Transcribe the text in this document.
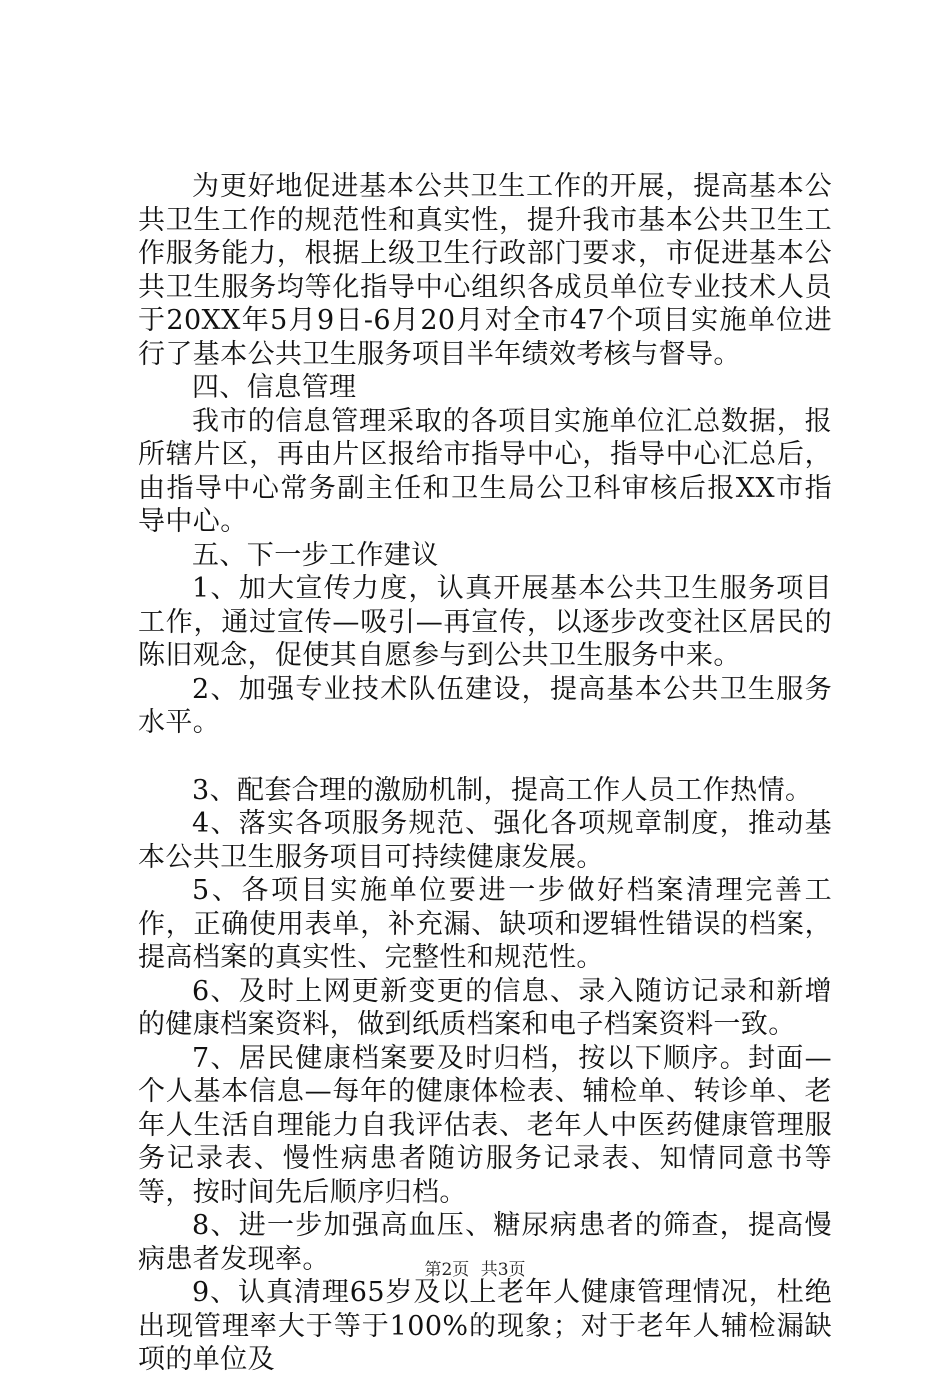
为更好地促进基本公共卫生工作的开展，提高基本公共卫生工作的规范性和真实性，提升我市基本公共卫生工作服务能力，根据上级卫生行政部门要求，市促进基本公共卫生服务均等化指导中心组织各成员单位专业技术人员于20XX年5月9日-6月20月对全市47个项目实施单位进行了基本公共卫生服务项目半年绩效考核与督导。

四、信息管理

我市的信息管理采取的各项目实施单位汇总数据，报所辖片区，再由片区报给市指导中心，指导中心汇总后，由指导中心常务副主任和卫生局公卫科审核后报XX市指导中心。

五、下一步工作建议

1、加大宣传力度，认真开展基本公共卫生服务项目工作，通过宣传—吸引—再宣传，以逐步改变社区居民的陈旧观念，促使其自愿参与到公共卫生服务中来。

2、加强专业技术队伍建设，提高基本公共卫生服务水平。

3、配套合理的激励机制，提高工作人员工作热情。

4、落实各项服务规范、强化各项规章制度，推动基本公共卫生服务项目可持续健康发展。

5、各项目实施单位要进一步做好档案清理完善工作，正确使用表单，补充漏、缺项和逻辑性错误的档案，提高档案的真实性、完整性和规范性。

6、及时上网更新变更的信息、录入随访记录和新增的健康档案资料，做到纸质档案和电子档案资料一致。

7、居民健康档案要及时归档，按以下顺序。封面—个人基本信息—每年的健康体检表、辅检单、转诊单、老年人生活自理能力自我评估表、老年人中医药健康管理服务记录表、慢性病患者随访服务记录表、知情同意书等等，按时间先后顺序归档。

8、进一步加强高血压、糖尿病患者的筛查，提高慢病患者发现率。

9、认真清理65岁及以上老年人健康管理情况，杜绝出现管理率大于等于100%的现象；对于老年人辅检漏缺项的单位及

第2页 共3页
